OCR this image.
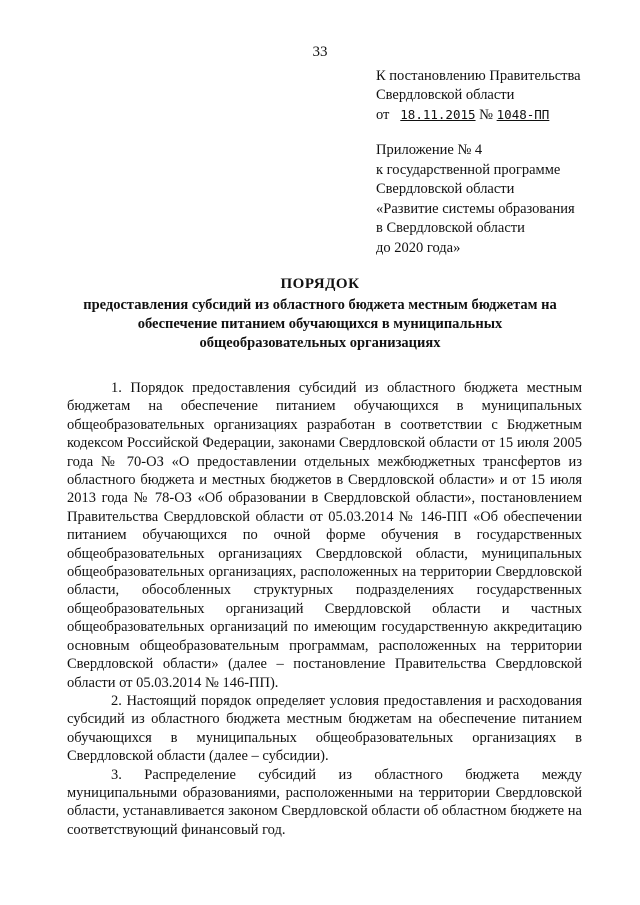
33
К постановлению Правительства
Свердловской области
от 18.11.2015 № 1048-ПП
Приложение № 4
к государственной программе
Свердловской области
«Развитие системы образования
в Свердловской области
до 2020 года»
ПОРЯДОК
предоставления субсидий из областного бюджета местным бюджетам на
обеспечение питанием обучающихся в муниципальных
общеобразовательных организациях

1. Порядок предоставления субсидий из областного бюджета местным бюджетам на обеспечение питанием обучающихся в муниципальных общеобразовательных организациях разработан в соответствии с Бюджетным кодексом Российской Федерации, законами Свердловской области от 15 июля 2005 года № 70-ОЗ «О предоставлении отдельных межбюджетных трансфертов из областного бюджета и местных бюджетов в Свердловской области» и от 15 июля 2013 года № 78-ОЗ «Об образовании в Свердловской области», постановлением Правительства Свердловской области от 05.03.2014 № 146-ПП «Об обеспечении питанием обучающихся по очной форме обучения в государственных общеобразовательных организациях Свердловской области, муниципальных общеобразовательных организациях, расположенных на территории Свердловской области, обособленных структурных подразделениях государственных общеобразовательных организаций Свердловской области и частных общеобразовательных организаций по имеющим государственную аккредитацию основным общеобразовательным программам, расположенных на территории Свердловской области» (далее – постановление Правительства Свердловской области от 05.03.2014 № 146-ПП).

2. Настоящий порядок определяет условия предоставления и расходования субсидий из областного бюджета местным бюджетам на обеспечение питанием обучающихся в муниципальных общеобразовательных организациях в Свердловской области (далее – субсидии).

3. Распределение субсидий из областного бюджета между муниципальными образованиями, расположенными на территории Свердловской области, устанавливается законом Свердловской области об областном бюджете на соответствующий финансовый год.
